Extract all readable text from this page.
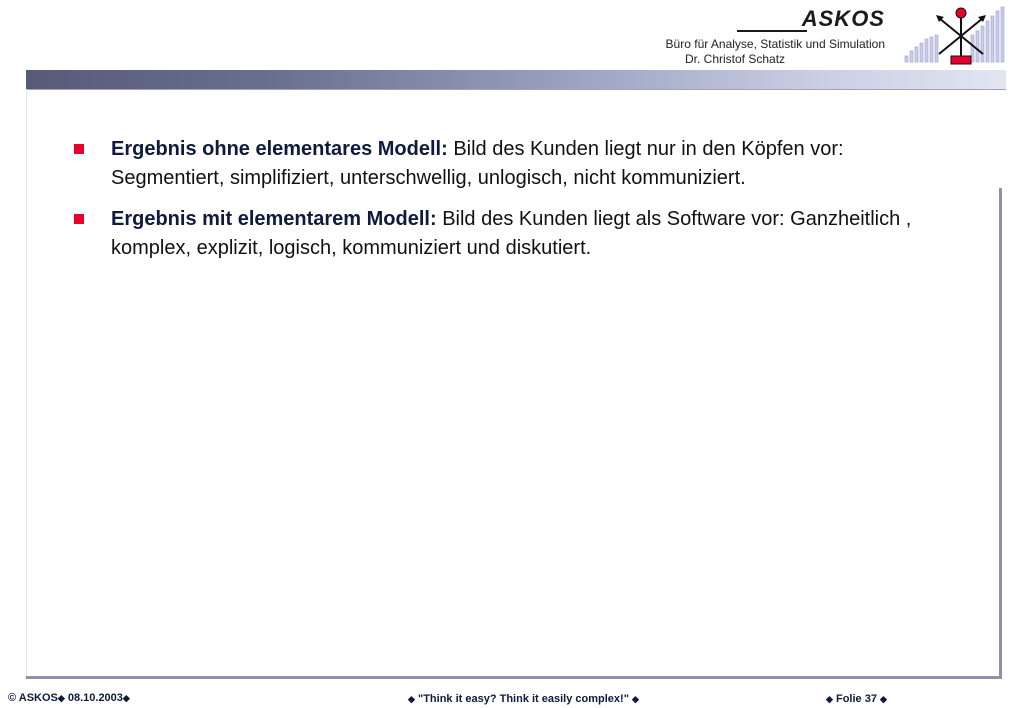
ASKOS
Büro für Analyse, Statistik und Simulation
Dr. Christof Schatz
Ergebnis ohne elementares Modell: Bild des Kunden liegt nur in den Köpfen vor: Segmentiert, simplifiziert, unterschwellig, unlogisch, nicht kommuniziert.
Ergebnis mit elementarem Modell: Bild des Kunden liegt als Software vor: Ganzheitlich , komplex, explizit, logisch, kommuniziert und diskutiert.
© ASKOS◆ 08.10.2003◆	◆ "Think it easy? Think it easily complex!" ◆	◆ Folie 37 ◆
